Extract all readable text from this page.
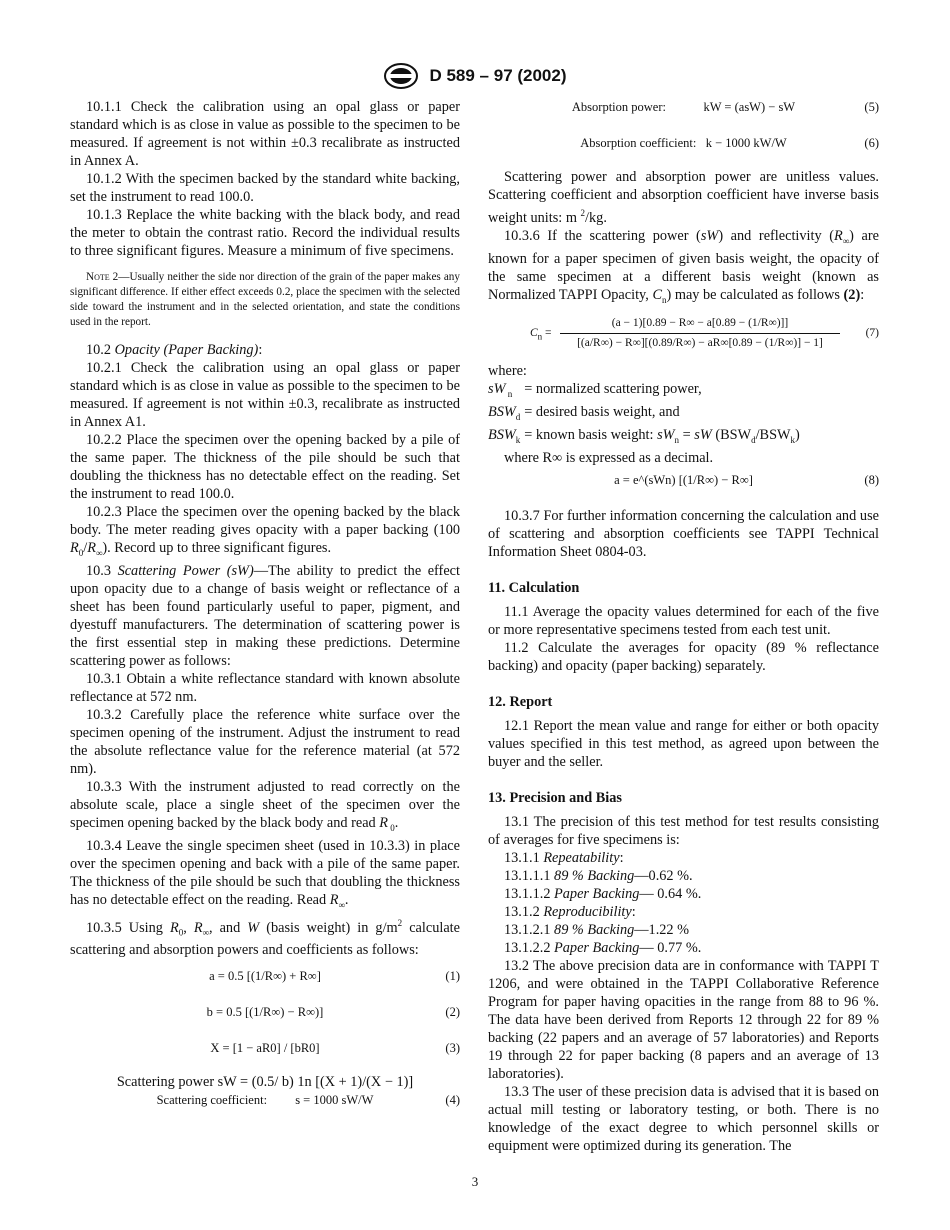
D 589 – 97 (2002)

10.1.1 Check the calibration using an opal glass or paper standard which is as close in value as possible to the specimen to be measured. If agreement is not within ±0.3 recalibrate as instructed in Annex A.

10.1.2 With the specimen backed by the standard white backing, set the instrument to read 100.0.

10.1.3 Replace the white backing with the black body, and read the meter to obtain the contrast ratio. Record the individual results to three significant figures. Measure a minimum of five specimens.

Note 2—Usually neither the side nor direction of the grain of the paper makes any significant difference. If either effect exceeds 0.2, place the specimen with the selected side toward the instrument and in the selected orientation, and state the conditions used in the report.

10.2 Opacity (Paper Backing):

10.2.1 Check the calibration using an opal glass or paper standard which is as close in value as possible to the specimen to be measured. If agreement is not within ±0.3, recalibrate as instructed in Annex A1.

10.2.2 Place the specimen over the opening backed by a pile of the same paper. The thickness of the pile should be such that doubling the thickness has no detectable effect on the reading. Set the instrument to read 100.0.

10.2.3 Place the specimen over the opening backed by the black body. The meter reading gives opacity with a paper backing (100 $R_0/R_\infty$). Record up to three significant figures.

10.3 Scattering Power (sW)—The ability to predict the effect upon opacity due to a change of basis weight or reflectance of a sheet has been found particularly useful to paper, pigment, and dyestuff manufacturers. The determination of scattering power is the first essential step in making these predictions. Determine scattering power as follows:

10.3.1 Obtain a white reflectance standard with known absolute reflectance at 572 nm.

10.3.2 Carefully place the reference white surface over the specimen opening of the instrument. Adjust the instrument to read the absolute reflectance value for the reference material (at 572 nm).

10.3.3 With the instrument adjusted to read correctly on the absolute scale, place a single sheet of the specimen over the specimen opening backed by the black body and read R $_0$.

10.3.4 Leave the single specimen sheet (used in 10.3.3) in place over the specimen opening and back with a pile of the same paper. The thickness of the pile should be such that doubling the thickness has no detectable effect on the reading. Read $R_\infty$.

10.3.5 Using $R_0$, $R_\infty$, and W (basis weight) in $g/m^2$ calculate scattering and absorption powers and coefficients as follows:

a = 0.5 [(1/R∞) + R∞]	(1)
b = 0.5 [(1/R∞) − R∞)]	(2)
X = [1 − aR0] / [bR0]	(3)

Scattering power sW = (0.5/ b) 1n [(X + 1)/(X − 1)]

Scattering coefficient: s = 1000 sW/W	(4)
Absorption power:	kW = (asW) − sW	(5)
Absorption coefficient: k − 1000 kW/W	(6)

Scattering power and absorption power are unitless values. Scattering coefficient and absorption coefficient have inverse basis weight units: m $^2$/kg.

10.3.6 If the scattering power (sW) and reflectivity $(R_\infty)$ are known for a paper specimen of given basis weight, the opacity of the same specimen at a different basis weight (known as Normalized TAPPI Opacity, $C_n$) may be calculated as follows (2):

$C_n$ =
(a − 1)[0.89 − R∞ − a[0.89 − (1/R∞)]]
[(a/R∞) − R∞][(0.89/R∞) − aR∞[0.89 − (1/R∞)] − 1]
(7)

where:

sW $_n$	= normalized scattering power,
$BSW_d$	= desired basis weight, and
$BSW_k$	= known basis weight: $sW_n$ = sW $(BSW_d/BSW_k)$

where R∞ is expressed as a decimal.

a = e^(sWn) [(1/R∞) − R∞]	(8)

10.3.7 For further information concerning the calculation and use of scattering and absorption coefficients see TAPPI Technical Information Sheet 0804-03.

11. Calculation

11.1 Average the opacity values determined for each of the five or more representative specimens tested from each test unit.

11.2 Calculate the averages for opacity (89 % reflectance backing) and opacity (paper backing) separately.

12. Report

12.1 Report the mean value and range for either or both opacity values specified in this test method, as agreed upon between the buyer and the seller.

13. Precision and Bias

13.1 The precision of this test method for test results consisting of averages for five specimens is:

13.1.1 Repeatability:

13.1.1.1 89 % Backing—0.62 %.

13.1.1.2 Paper Backing— 0.64 %.

13.1.2 Reproducibility:

13.1.2.1 89 % Backing—1.22 %

13.1.2.2 Paper Backing— 0.77 %.

13.2 The above precision data are in conformance with TAPPI T 1206, and were obtained in the TAPPI Collaborative Reference Program for paper having opacities in the range from 88 to 96 %. The data have been derived from Reports 12 through 22 for 89 % backing (22 papers and an average of 57 laboratories) and Reports 19 through 22 for paper backing (8 papers and an average of 13 laboratories).

13.3 The user of these precision data is advised that it is based on actual mill testing or laboratory testing, or both. There is no knowledge of the exact degree to which personnel skills or equipment were optimized during its generation. The

3
